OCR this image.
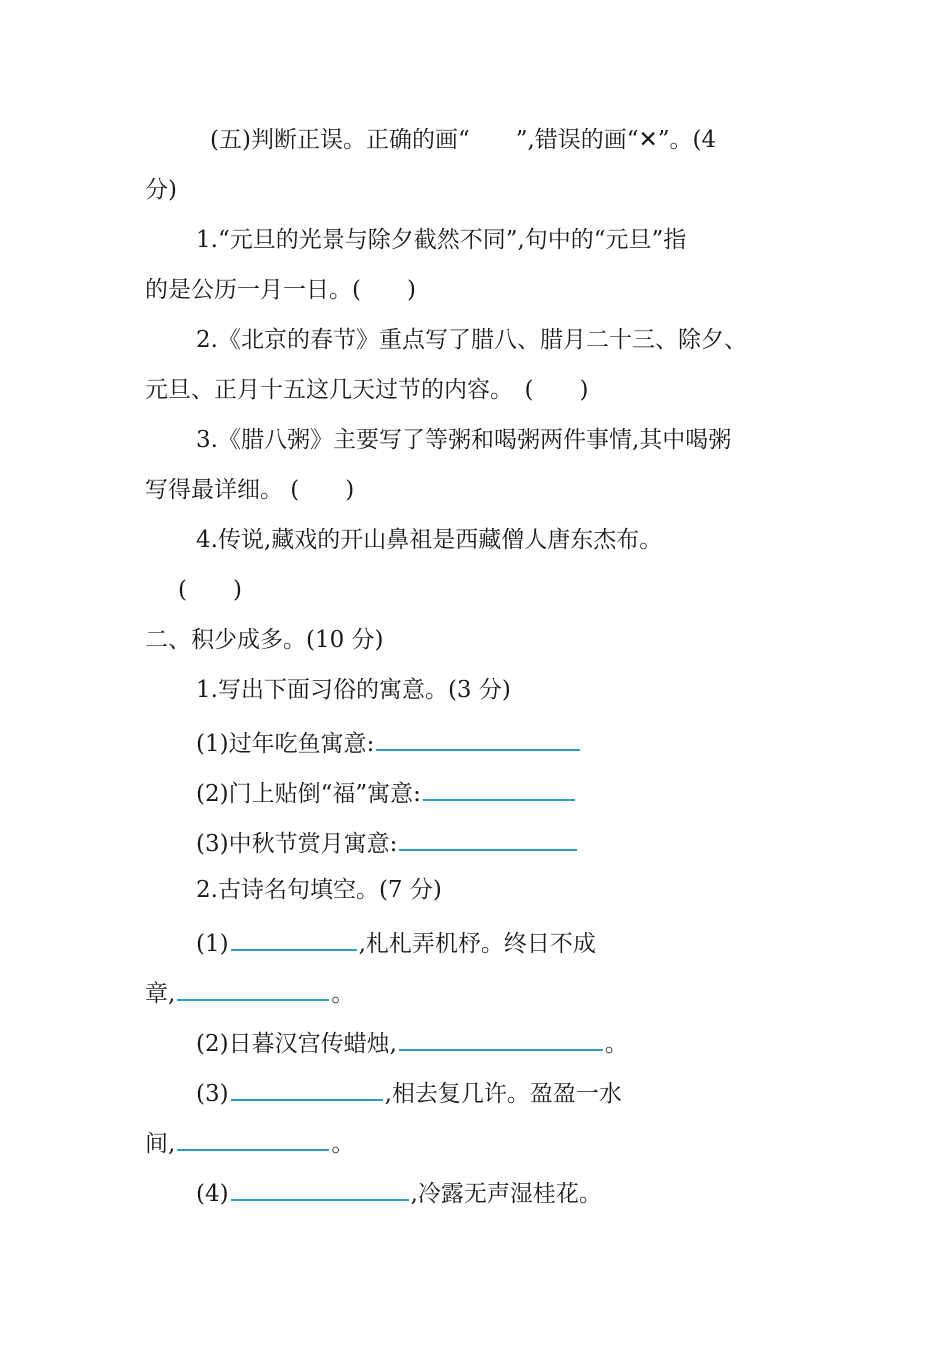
(五)判断正误。正确的画“　　”,错误的画“✕”。(4
分)
1.“元旦的光景与除夕截然不同”,句中的“元旦”指
的是公历一月一日。(　　)
2.《北京的春节》重点写了腊八、腊月二十三、除夕、
元旦、正月十五这几天过节的内容。　(　　)
3.《腊八粥》主要写了等粥和喝粥两件事情,其中喝粥
写得最详细。 (　　)
4.传说,藏戏的开山鼻祖是西藏僧人唐东杰布。
(　　)
二、积少成多。(10 分)
1.写出下面习俗的寓意。(3 分)
(1)过年吃鱼寓意:
(2)门上贴倒“福”寓意:
(3)中秋节赏月寓意:
2.古诗名句填空。(7 分)
(1)	,札札弄机杼。终日不成
章,	。
(2)日暮汉宫传蜡烛,	。
(3)	,相去复几许。盈盈一水
间,	。
(4)	,冷露无声湿桂花。
